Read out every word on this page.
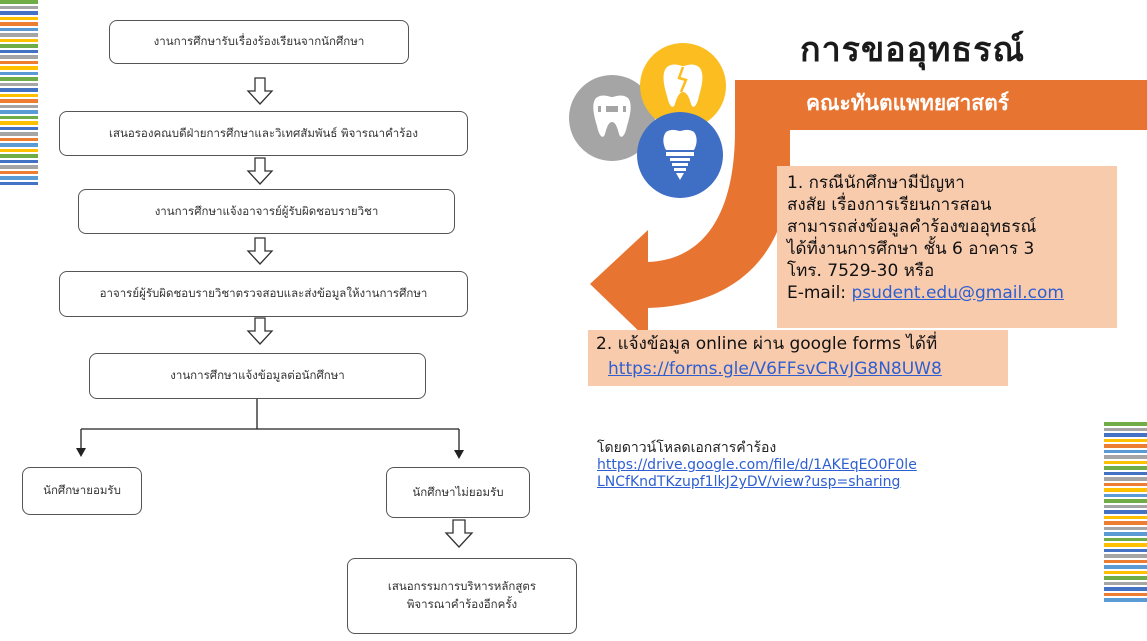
งานการศึกษารับเรื่องร้องเรียนจากนักศึกษา
เสนอรองคณบดีฝ่ายการศึกษาและวิเทศสัมพันธ์ พิจารณาคำร้อง
งานการศึกษาแจ้งอาจารย์ผู้รับผิดชอบรายวิชา
อาจารย์ผู้รับผิดชอบรายวิชาตรวจสอบและส่งข้อมูลให้งานการศึกษา
งานการศึกษาแจ้งข้อมูลต่อนักศึกษา
นักศึกษายอมรับ	นักศึกษาไม่ยอมรับ
เสนอกรรมการบริหารหลักสูตร
พิจารณาคำร้องอีกครั้ง
การขออุทธรณ์
คณะทันตแพทยศาสตร์
1. กรณีนักศึกษามีปัญหา
สงสัย เรื่องการเรียนการสอน
สามารถส่งข้อมูลคำร้องขออุทธรณ์
ได้ที่งานการศึกษา ชั้น 6 อาคาร 3
โทร. 7529-30 หรือ
E-mail: psudent.edu@gmail.com
2. แจ้งข้อมูล online ผ่าน google forms ได้ที่
https://forms.gle/V6FFsvCRvJG8N8UW8
โดยดาวน์โหลดเอกสารคำร้อง
https://drive.google.com/file/d/1AKEqEO0F0le
LNCfKndTKzupf1lkJ2yDV/view?usp=sharing
